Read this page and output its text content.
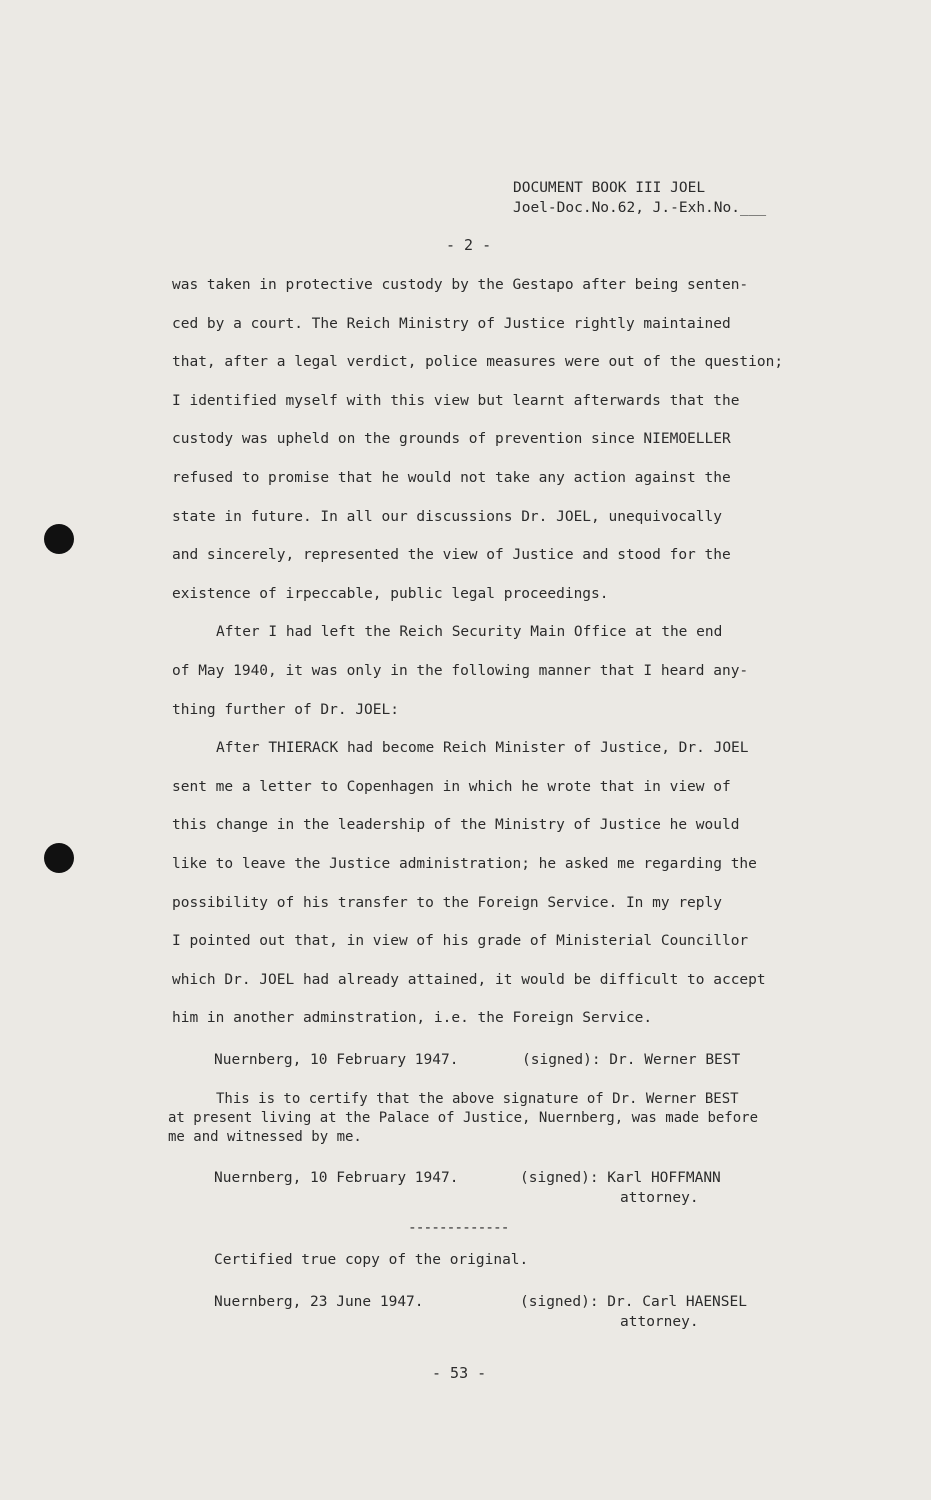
DOCUMENT BOOK III JOEL
Joel-Doc.No.62, J.-Exh.No.___
- 2 -
was taken in protective custody by the Gestapo after being senten-
ced by a court. The Reich Ministry of Justice rightly maintained
that, after a legal verdict, police measures were out of the question;
I identified myself with this view but learnt afterwards that the
custody was upheld on the grounds of prevention since NIEMOELLER
refused to promise that he would not take any action against the
state in future. In all our discussions Dr. JOEL, unequivocally
and sincerely, represented the view of Justice and stood for the
existence of irpeccable, public legal proceedings.
After I had left the Reich Security Main Office at the end
of May 1940, it was only in the following manner that I heard any-
thing further of Dr. JOEL:
After THIERACK had become Reich Minister of Justice, Dr. JOEL
sent me a letter to Copenhagen in which he wrote that in view of
this change in the leadership of the Ministry of Justice he would
like to leave the Justice administration; he asked me regarding the
possibility of his transfer to the Foreign Service. In my reply
I pointed out that, in view of his grade of Ministerial Councillor
which Dr. JOEL had already attained, it would be difficult to accept
him in another adminstration, i.e. the Foreign Service.
Nuernberg, 10 February 1947.	(signed): Dr. Werner BEST
This is to certify that the above signature of Dr. Werner BEST
at present living at the Palace of Justice, Nuernberg, was made before
me and witnessed by me.
Nuernberg, 10 February 1947.	(signed): Karl HOFFMANN
attorney.
-------------
Certified true copy of the original.
Nuernberg, 23 June 1947.	(signed): Dr. Carl HAENSEL
attorney.
- 53 -
